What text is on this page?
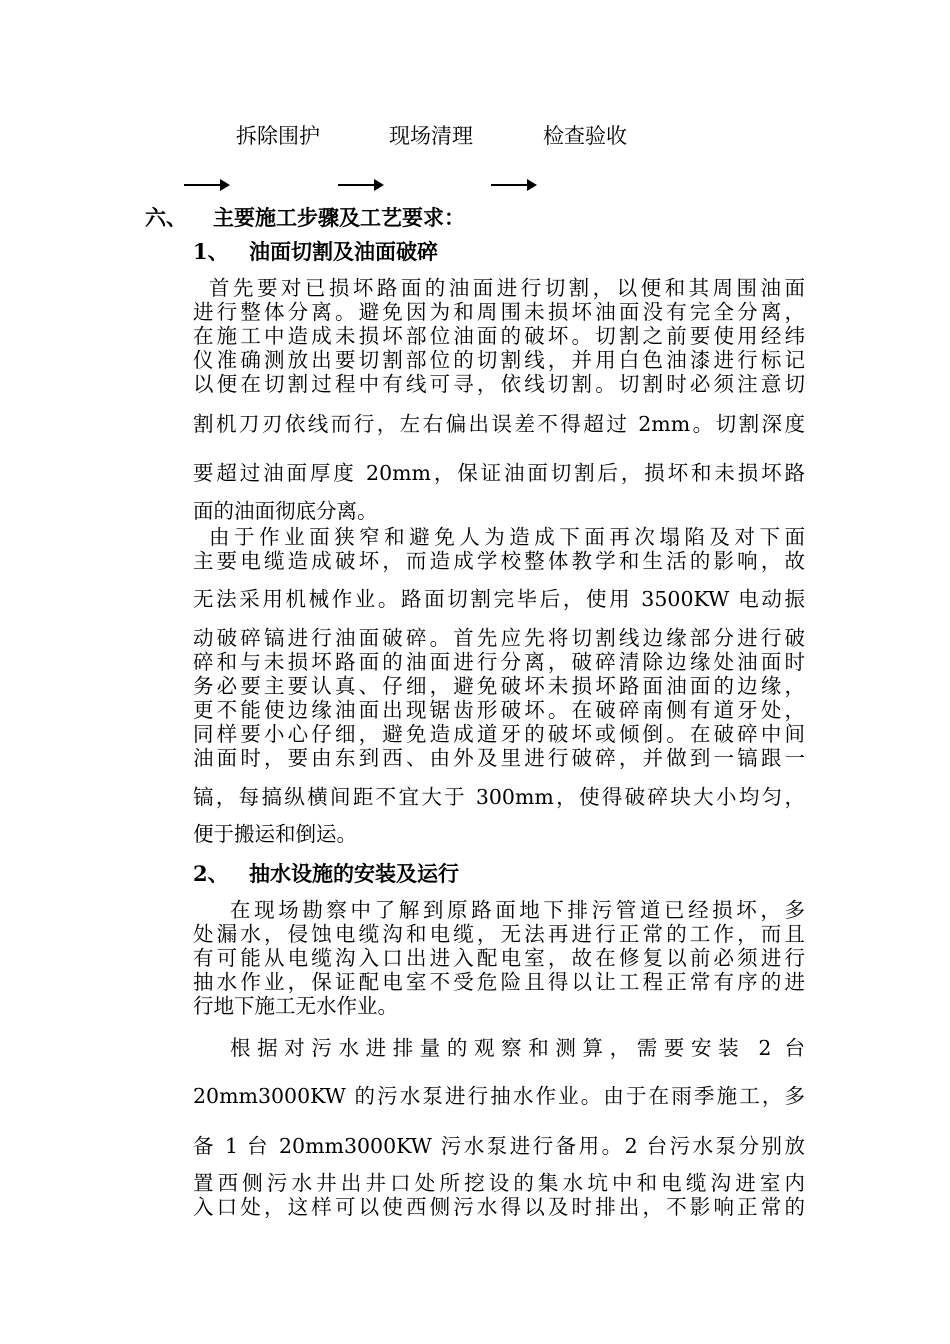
拆除围护	现场清理	检查验收
六、 主要施工步骤及工艺要求：
1、 油面切割及油面破碎
首先要对已损坏路面的油面进行切割，以便和其周围油面
进行整体分离。避免因为和周围未损坏油面没有完全分离，
在施工中造成未损坏部位油面的破坏。切割之前要使用经纬
仪准确测放出要切割部位的切割线，并用白色油漆进行标记
以便在切割过程中有线可寻，依线切割。切割时必须注意切
割机刀刃依线而行，左右偏出误差不得超过 2mm。切割深度
要超过油面厚度 20mm，保证油面切割后，损坏和未损坏路
面的油面彻底分离。
由于作业面狭窄和避免人为造成下面再次塌陷及对下面
主要电缆造成破坏，而造成学校整体教学和生活的影响，故
无法采用机械作业。路面切割完毕后，使用 3500KW 电动振
动破碎镐进行油面破碎。首先应先将切割线边缘部分进行破
碎和与未损坏路面的油面进行分离，破碎清除边缘处油面时
务必要主要认真、仔细，避免破坏未损坏路面油面的边缘，
更不能使边缘油面出现锯齿形破坏。在破碎南侧有道牙处，
同样要小心仔细，避免造成道牙的破坏或倾倒。在破碎中间
油面时，要由东到西、由外及里进行破碎，并做到一镐跟一
镐，每搞纵横间距不宜大于 300mm，使得破碎块大小均匀，
便于搬运和倒运。
2、 抽水设施的安装及运行
在现场勘察中了解到原路面地下排污管道已经损坏，多
处漏水，侵蚀电缆沟和电缆，无法再进行正常的工作，而且
有可能从电缆沟入口出进入配电室，故在修复以前必须进行
抽水作业，保证配电室不受危险且得以让工程正常有序的进
行地下施工无水作业。
根据对污水进排量的观察和测算，需要安装 2 台
20mm3000KW 的污水泵进行抽水作业。由于在雨季施工，多
备 1 台 20mm3000KW 污水泵进行备用。2 台污水泵分别放
置西侧污水井出井口处所挖设的集水坑中和电缆沟进室内
入口处，这样可以使西侧污水得以及时排出，不影响正常的
